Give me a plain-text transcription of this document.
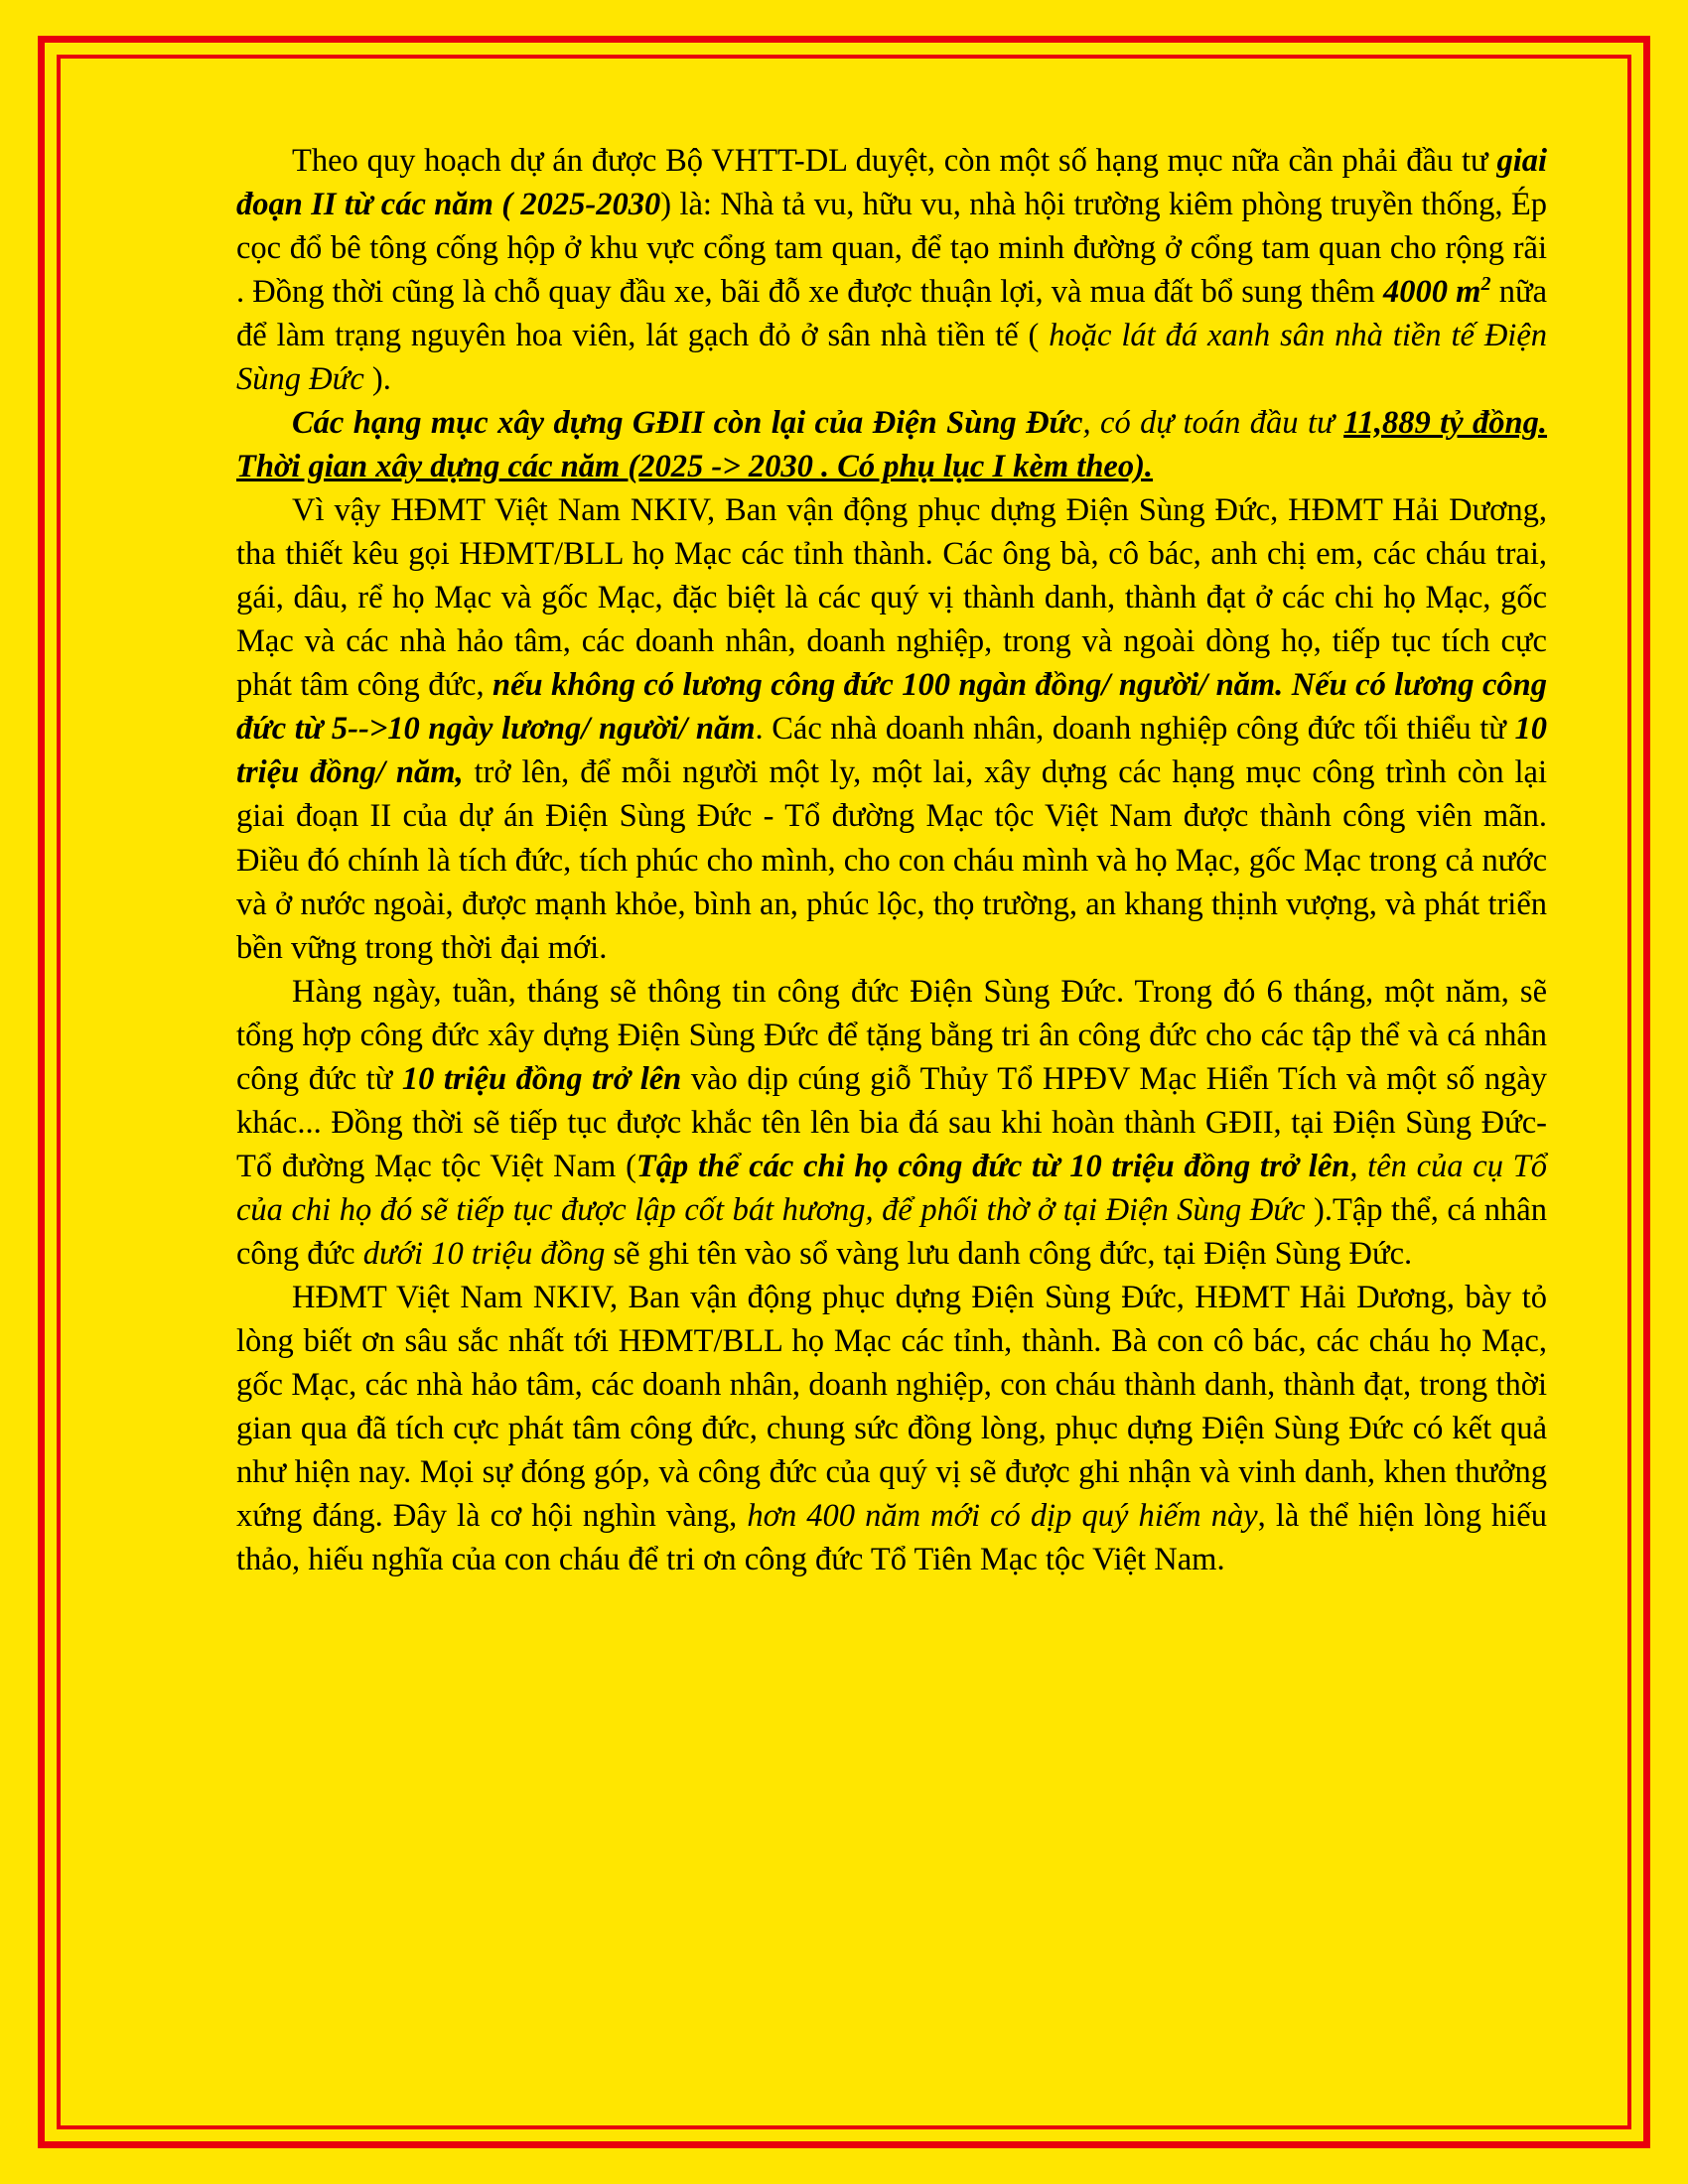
Theo quy hoạch dự án được Bộ VHTT-DL duyệt, còn một số hạng mục nữa cần phải đầu tư giai đoạn II từ các năm ( 2025-2030) là: Nhà tả vu, hữu vu, nhà hội trường kiêm phòng truyền thống, Ép cọc đổ bê tông cống hộp ở khu vực cổng tam quan, để tạo minh đường ở cổng tam quan cho rộng rãi . Đồng thời cũng là chỗ quay đầu xe, bãi đỗ xe được thuận lợi, và mua đất bổ sung thêm 4000 $m^2$ nữa để làm trạng nguyên hoa viên, lát gạch đỏ ở sân nhà tiền tế ( hoặc lát đá xanh sân nhà tiền tế Điện Sùng Đức ).

Các hạng mục xây dựng GĐII còn lại của Điện Sùng Đức, có dự toán đầu tư 11,889 tỷ đồng. Thời gian xây dựng các năm (2025 -> 2030 . Có phụ lục I kèm theo).

Vì vậy HĐMT Việt Nam NKIV, Ban vận động phục dựng Điện Sùng Đức, HĐMT Hải Dương, tha thiết kêu gọi HĐMT/BLL họ Mạc các tỉnh thành. Các ông bà, cô bác, anh chị em, các cháu trai, gái, dâu, rể họ Mạc và gốc Mạc, đặc biệt là các quý vị thành danh, thành đạt ở các chi họ Mạc, gốc Mạc và các nhà hảo tâm, các doanh nhân, doanh nghiệp, trong và ngoài dòng họ, tiếp tục tích cực phát tâm công đức, nếu không có lương công đức 100 ngàn đồng/ người/ năm. Nếu có lương công đức từ 5-->10 ngày lương/ người/ năm. Các nhà doanh nhân, doanh nghiệp công đức tối thiểu từ 10 triệu đồng/ năm, trở lên, để mỗi người một ly, một lai, xây dựng các hạng mục công trình còn lại giai đoạn II của dự án Điện Sùng Đức - Tổ đường Mạc tộc Việt Nam được thành công viên mãn. Điều đó chính là tích đức, tích phúc cho mình, cho con cháu mình và họ Mạc, gốc Mạc trong cả nước và ở nước ngoài, được mạnh khỏe, bình an, phúc lộc, thọ trường, an khang thịnh vượng, và phát triển bền vững trong thời đại mới.

Hàng ngày, tuần, tháng sẽ thông tin công đức Điện Sùng Đức. Trong đó 6 tháng, một năm, sẽ tổng hợp công đức xây dựng Điện Sùng Đức để tặng bằng tri ân công đức cho các tập thể và cá nhân công đức từ 10 triệu đồng trở lên vào dịp cúng giỗ Thủy Tổ HPĐV Mạc Hiển Tích và một số ngày khác... Đồng thời sẽ tiếp tục được khắc tên lên bia đá sau khi hoàn thành GĐII, tại Điện Sùng Đức-Tổ đường Mạc tộc Việt Nam (Tập thể các chi họ công đức từ 10 triệu đồng trở lên, tên của cụ Tổ của chi họ đó sẽ tiếp tục được lập cốt bát hương, để phối thờ ở tại Điện Sùng Đức ).Tập thể, cá nhân công đức dưới 10 triệu đồng sẽ ghi tên vào sổ vàng lưu danh công đức, tại Điện Sùng Đức.

HĐMT Việt Nam NKIV, Ban vận động phục dựng Điện Sùng Đức, HĐMT Hải Dương, bày tỏ lòng biết ơn sâu sắc nhất tới HĐMT/BLL họ Mạc các tỉnh, thành. Bà con cô bác, các cháu họ Mạc, gốc Mạc, các nhà hảo tâm, các doanh nhân, doanh nghiệp, con cháu thành danh, thành đạt, trong thời gian qua đã tích cực phát tâm công đức, chung sức đồng lòng, phục dựng Điện Sùng Đức có kết quả như hiện nay. Mọi sự đóng góp, và công đức của quý vị sẽ được ghi nhận và vinh danh, khen thưởng xứng đáng. Đây là cơ hội nghìn vàng, hơn 400 năm mới có dịp quý hiếm này, là thể hiện lòng hiếu thảo, hiếu nghĩa của con cháu để tri ơn công đức Tổ Tiên Mạc tộc Việt Nam.
